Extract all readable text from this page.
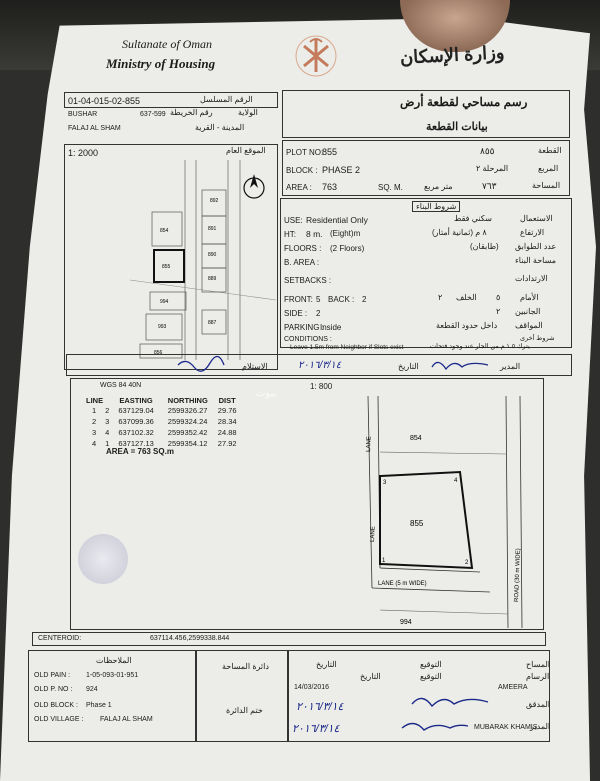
Sultanate of Oman
Ministry of Housing	وزارة الإسكان
01-04-015-02-855	الرقم المسلسل
BUSHAR	637-599 رقم الخريطة	الولاية
FALAJ AL SHAM	المدينة - القرية
رسم مساحي لقطعة أرض
بيانات القطعة
1: 2000	الموقع العام
892
891
854
890
855
889
994
887
993
856
PLOT NO:
855	٨٥٥	القطعة
BLOCK : PHASE 2	المرحلة ٢	المربع
AREA : 763	SQ. M.	متر مربع	٧٦٣	المساحة
شروط البناء
USE: Residential Only	سكني فقط	الاستعمال
HT: 8 m. (Eight)m	٨ م (ثمانية أمتار)	الارتفاع
FLOORS : (2 Floors)	(طابقان) عدد الطوابق
B. AREA :	مساحة البناء
SETBACKS :	الارتدادات
FRONT: 5 BACK : 2	٢ الخلف ٥ الأمام
SIDE : 2	٢ الجانبين
PARKING :
Inside	داخل حدود القطعة المواقف
CONDITIONS :
Leave 1.5m from Neighbor if Slots exist	يترك ١.٥ م من الجار عند وجود فتحات
شروط أخرى
الاستلام	٢٠١٦/٣/١٤	التاريخ	المدير
WGS 84 40N	1: 800
بيوت
LINE		EASTING	NORTHING	DIST
1	2	637129.04	2599326.27	29.76
2	3	637099.36	2599324.24	28.34
3	4	637102.32	2599352.42	24.88
4	1	637127.13	2599354.12	27.92
AREA = 763 SQ.m
854
855
994
3	4
1	2
LANE
LANE
LANE (5 m WIDE)	ROAD (30 m WIDE)
CENTEROID:	637114.456,2599338.844
الملاحظات
OLD PAIN : 1-05-093-01-951
OLD P. NO : 924
OLD BLOCK : Phase 1
OLD VILLAGE : FALAJ AL SHAM
دائرة المساحة
ختم الدائرة
التاريخ	التوقيع	المساح
14/03/2016
التاريخ	التوقيع
AMEERA
الرسام
المدقق
٢٠١٦/٣/١٤
MUBARAK KHAMIS
المدير
٢٠١٦/٣/١٤
